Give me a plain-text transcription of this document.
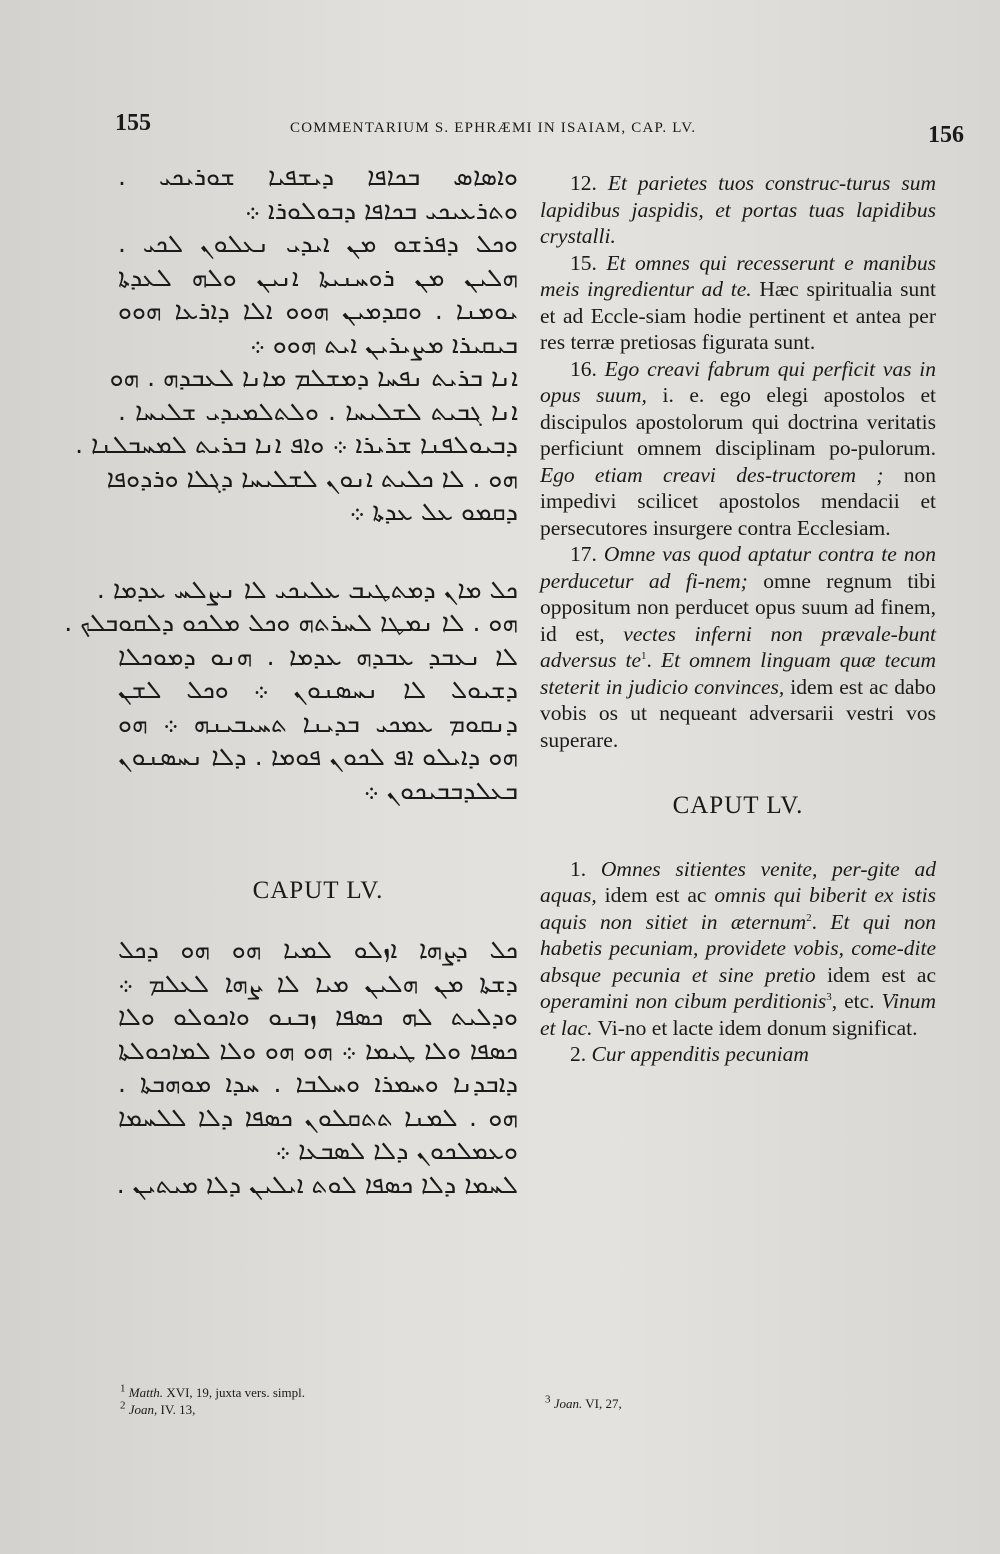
155	COMMENTARIUM S. EPHRÆMI IN ISAIAM, CAP. LV.	156
ܘܐܣܐܣ ܒܟܐܦܐ ܕܝܫܦܝܐ ܫܘܪܝܟܝ .
ܘܬܪܥܝܟܝ ܒܟܐܦܐ ܕܒܘܠܘܪܐ ܀
ܘܟܠ ܕܦܪܫܘ ܡܢ ܐܝܕܝ ܢܥܠܘܢ ܠܟܝ .
ܗܠܝܢ ܡܢ ܪܘܚܢܝܬܐ ܐܢܝܢ ܘܠܗ ܠܥܕܬܐ
ܝܘܡܢܐ . ܘܩܕܡܝܢ ܗܘܘ ܐܠܐ ܕܐܪܥܐ ܗܘܘ
ܒܝܩܝܪܐ ܡܨܝܪܝܢ ܐܝܬ ܗܘܘ ܀
ܐܢܐ ܒܪܝܬ ܢܦܚܐ ܕܡܫܠܡ ܡܐܢܐ ܠܥܒܕܗ . ܗܘ
ܐܢܐ ܓܒܝܬ ܠܫܠܝܚܐ . ܘܠܬܠܡܝܕܝ ܫܠܝܚܐ .
ܕܒܝܘܠܦܢܐ ܫܪܝܪܐ ܀ ܘܐܦ ܐܢܐ ܒܪܝܬ ܠܡܚܒܠܢܐ .
ܗܘ . ܠܐ ܟܠܝܬ ܐܢܘܢ ܠܫܠܝܚܐ ܕܓܠܐ ܘܪܕܘܦܐ
ܕܩܡܘ ܥܠ ܥܕܬܐ ܀
ܟܠ ܡܐܢ ܕܡܬܛܝܒ ܥܠܝܟܝ ܠܐ ܢܨܠܚ ܥܕܡܐ .
ܗܘ . ܠܐ ܢܡܛܐ ܠܚܪܬܗ ܘܟܠ ܡܠܟܘ ܕܠܩܘܒܠܟ .
ܠܐ ܢܥܒܕ ܥܒܕܗ ܥܕܡܐ . ܗܢܘ ܕܡܘܟܠܐ
ܕܫܝܘܠ ܠܐ ܢܚܣܢܘܢ ܀ ܘܟܠ ܠܫܢ
ܕܢܩܘܡ ܥܡܟܝ ܒܕܝܢܐ ܬܚܝܒܝܢܗ ܀ ܗܘ
ܗܘ ܕܐܝܠܘ ܐܦ ܠܟܘܢ ܦܘܡܐ . ܕܠܐ ܢܚܣܢܘܢ
ܒܥܠܕܒܒܝܟܘܢ ܀
CAPUT LV.
ܟܠ ܕܨܗܐ ܐܙܠܘ ܠܡܝܐ ܗܘ ܗܘ ܕܟܠ
ܕܫܬܐ ܡܢ ܗܠܝܢ ܡܝܐ ܠܐ ܨܗܐ ܠܥܠܡ ܀
ܘܕܠܝܬ ܠܗ ܟܣܦܐ ܙܒܢܘ ܘܐܟܘܠܘ ܘܠܐ
ܟܣܦܐ ܘܠܐ ܛܝܡܐ ܀ ܗܘ ܗܘ ܘܠܐ ܠܡܐܟܘܠܬܐ
ܕܐܒܕܢܐ ܘܚܡܪܐ ܘܚܠܒܐ . ܚܕܐ ܡܘܗܒܬܐ .
ܗܘ . ܠܡܢܐ ܬܬܩܠܘܢ ܟܣܦܐ ܕܠܐ ܠܠܚܡܐ
ܘܥܡܠܟܘܢ ܕܠܐ ܠܣܒܥܐ ܀
ܠܚܡܐ ܕܠܐ ܟܣܦܐ ܠܘܬ ܐܝܠܝܢ ܕܠܐ ܡܝܬܝܢ .

12. Et parietes tuos construc-turus sum lapidibus jaspidis, et portas tuas lapidibus crystalli.

15. Et omnes qui recesserunt e manibus meis ingredientur ad te. Hæc spiritualia sunt et ad Eccle-siam hodie pertinent et antea per res terræ pretiosas figurata sunt.

16. Ego creavi fabrum qui perficit vas in opus suum, i. e. ego elegi apostolos et discipulos apostolorum qui doctrina veritatis perficiunt omnem disciplinam po-pulorum. Ego etiam creavi des-tructorem ; non impedivi scilicet apostolos mendacii et persecutores insurgere contra Ecclesiam.

17. Omne vas quod aptatur contra te non perducetur ad fi-nem; omne regnum tibi oppositum non perducet opus suum ad finem, id est, vectes inferni non prævale-bunt adversus $te^1$. Et omnem linguam quæ tecum steterit in judicio convinces, idem est ac dabo vobis os ut nequeant adversarii vestri vos superare.

CAPUT LV.

1. Omnes sitientes venite, per-gite ad aquas, idem est ac omnis qui biberit ex istis aquis non sitiet in æternum$^2$. Et qui non habetis pecuniam, providete vobis, come-dite absque pecunia et sine pretio idem est ac operamini non cibum perditionis$^3$, etc. Vinum et lac. Vi-no et lacte idem donum significat.

2. Cur appenditis pecuniam

$^1$ Matth. XVI, 19, juxta vers. simpl.
$^2$ Joan, IV. 13,
$^3$ Joan. VI, 27,
